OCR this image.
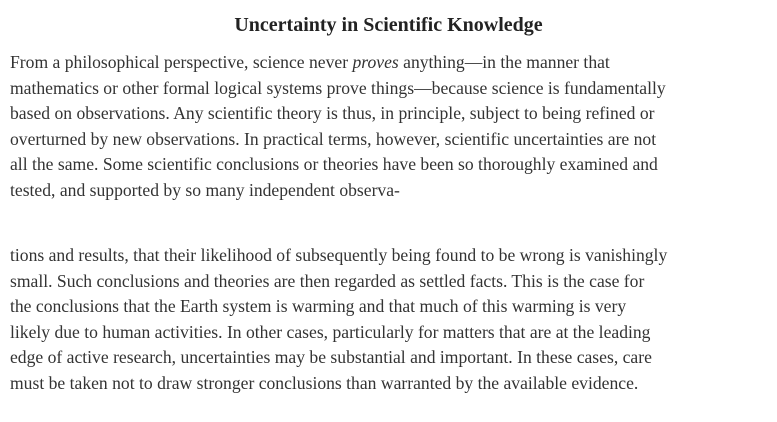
Uncertainty in Scientific Knowledge
From a philosophical perspective, science never proves anything—in the manner that
mathematics or other formal logical systems prove things—because science is fundamentally
based on observations. Any scientific theory is thus, in principle, subject to being refined or
overturned by new observations. In practical terms, however, scientific uncertainties are not
all the same. Some scientific conclusions or theories have been so thoroughly examined and
tested, and supported by so many independent observa-
tions and results, that their likelihood of subsequently being found to be wrong is vanishingly
small. Such conclusions and theories are then regarded as settled facts. This is the case for
the conclusions that the Earth system is warming and that much of this warming is very
likely due to human activities. In other cases, particularly for matters that are at the leading
edge of active research, uncertainties may be substantial and important. In these cases, care
must be taken not to draw stronger conclusions than warranted by the available evidence.
